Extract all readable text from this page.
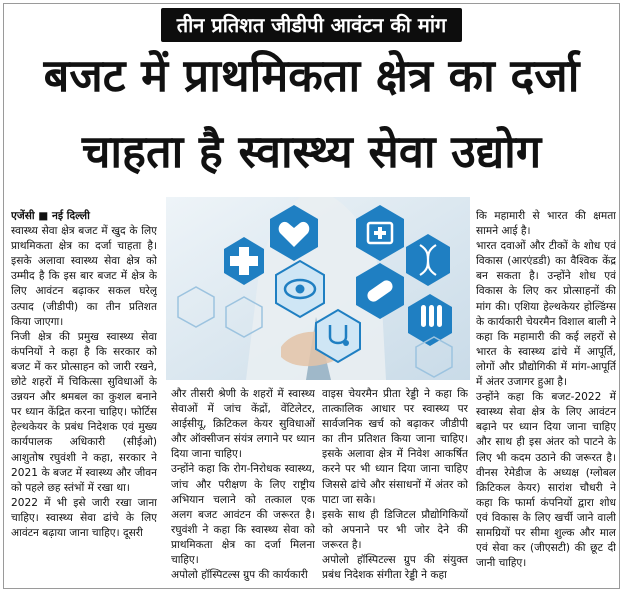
तीन प्रतिशत जीडीपी आवंटन की मांग
बजट में प्राथमिकता क्षेत्र का दर्जा
चाहता है स्वास्थ्य सेवा उद्योग

एजेंसी ■ नई दिल्ली

स्वास्थ्य सेवा क्षेत्र बजट में खुद के लिए प्राथमिकता क्षेत्र का दर्जा चाहता है। इसके अलावा स्वास्थ्य सेवा क्षेत्र को उम्मीद है कि इस बार बजट में क्षेत्र के लिए आवंटन बढ़ाकर सकल घरेलू उत्पाद (जीडीपी) का तीन प्रतिशत किया जाएगा।

निजी क्षेत्र की प्रमुख स्वास्थ्य सेवा कंपनियों ने कहा है कि सरकार को बजट में कर प्रोत्साहन को जारी रखने, छोटे शहरों में चिकित्सा सुविधाओं के उन्नयन और श्रमबल का कुशल बनाने पर ध्यान केंद्रित करना चाहिए। फोर्टिस हेल्थकेयर के प्रबंध निदेशक एवं मुख्य कार्यपालक अधिकारी (सीईओ) आशुतोष रघुवंशी ने कहा, सरकार ने 2021 के बजट में स्वास्थ्य और जीवन को पहले छह स्तंभों में रखा था।

2022 में भी इसे जारी रखा जाना चाहिए। स्वास्थ्य सेवा ढांचे के लिए आवंटन बढ़ाया जाना चाहिए। दूसरी

और तीसरी श्रेणी के शहरों में स्वास्थ्य सेवाओं में जांच केंद्रों, वेंटिलेटर, आईसीयू, क्रिटिकल केयर सुविधाओं और ऑक्सीजन संयंत्र लगाने पर ध्यान दिया जाना चाहिए।

उन्होंने कहा कि रोग-निरोधक स्वास्थ्य, जांच और परीक्षण के लिए राष्ट्रीय अभियान चलाने को तत्काल एक अलग बजट आवंटन की जरूरत है। रघुवंशी ने कहा कि स्वास्थ्य सेवा को प्राथमिकता क्षेत्र का दर्जा मिलना चाहिए।

अपोलो हॉस्पिटल्स ग्रुप की कार्यकारी

वाइस चेयरमैन प्रीता रेड्डी ने कहा कि तात्कालिक आधार पर स्वास्थ्य पर सार्वजनिक खर्च को बढ़ाकर जीडीपी का तीन प्रतिशत किया जाना चाहिए। इसके अलावा क्षेत्र में निवेश आकर्षित करने पर भी ध्यान दिया जाना चाहिए जिससे ढांचे और संसाधनों में अंतर को पाटा जा सके।

इसके साथ ही डिजिटल प्रौद्योगिकियों को अपनाने पर भी जोर देने की जरूरत है।

अपोलो हॉस्पिटल्स ग्रुप की संयुक्त प्रबंध निदेशक संगीता रेड्डी ने कहा

कि महामारी से भारत की क्षमता सामने आई है।

भारत दवाओं और टीकों के शोध एवं विकास (आरएंडडी) का वैश्विक केंद्र बन सकता है। उन्होंने शोध एवं विकास के लिए कर प्रोत्साहनों की मांग की। एशिया हेल्थकेयर होल्डिंग्स के कार्यकारी चेयरमैन विशाल बाली ने कहा कि महामारी की कई लहरों से भारत के स्वास्थ्य ढांचे में आपूर्ति, लोगों और प्रौद्योगिकी में मांग-आपूर्ति में अंतर उजागर हुआ है।

उन्होंने कहा कि बजट-2022 में स्वास्थ्य सेवा क्षेत्र के लिए आवंटन बढ़ाने पर ध्यान दिया जाना चाहिए और साथ ही इस अंतर को पाटने के लिए भी कदम उठाने की जरूरत है। वीनस रेमेडीज के अध्यक्ष (ग्लोबल क्रिटिकल केयर) सारांश चौधरी ने कहा कि फार्मा कंपनियों द्वारा शोध एवं विकास के लिए खर्ची जाने वाली सामग्रियों पर सीमा शुल्क और माल एवं सेवा कर (जीएसटी) की छूट दी जानी चाहिए।
